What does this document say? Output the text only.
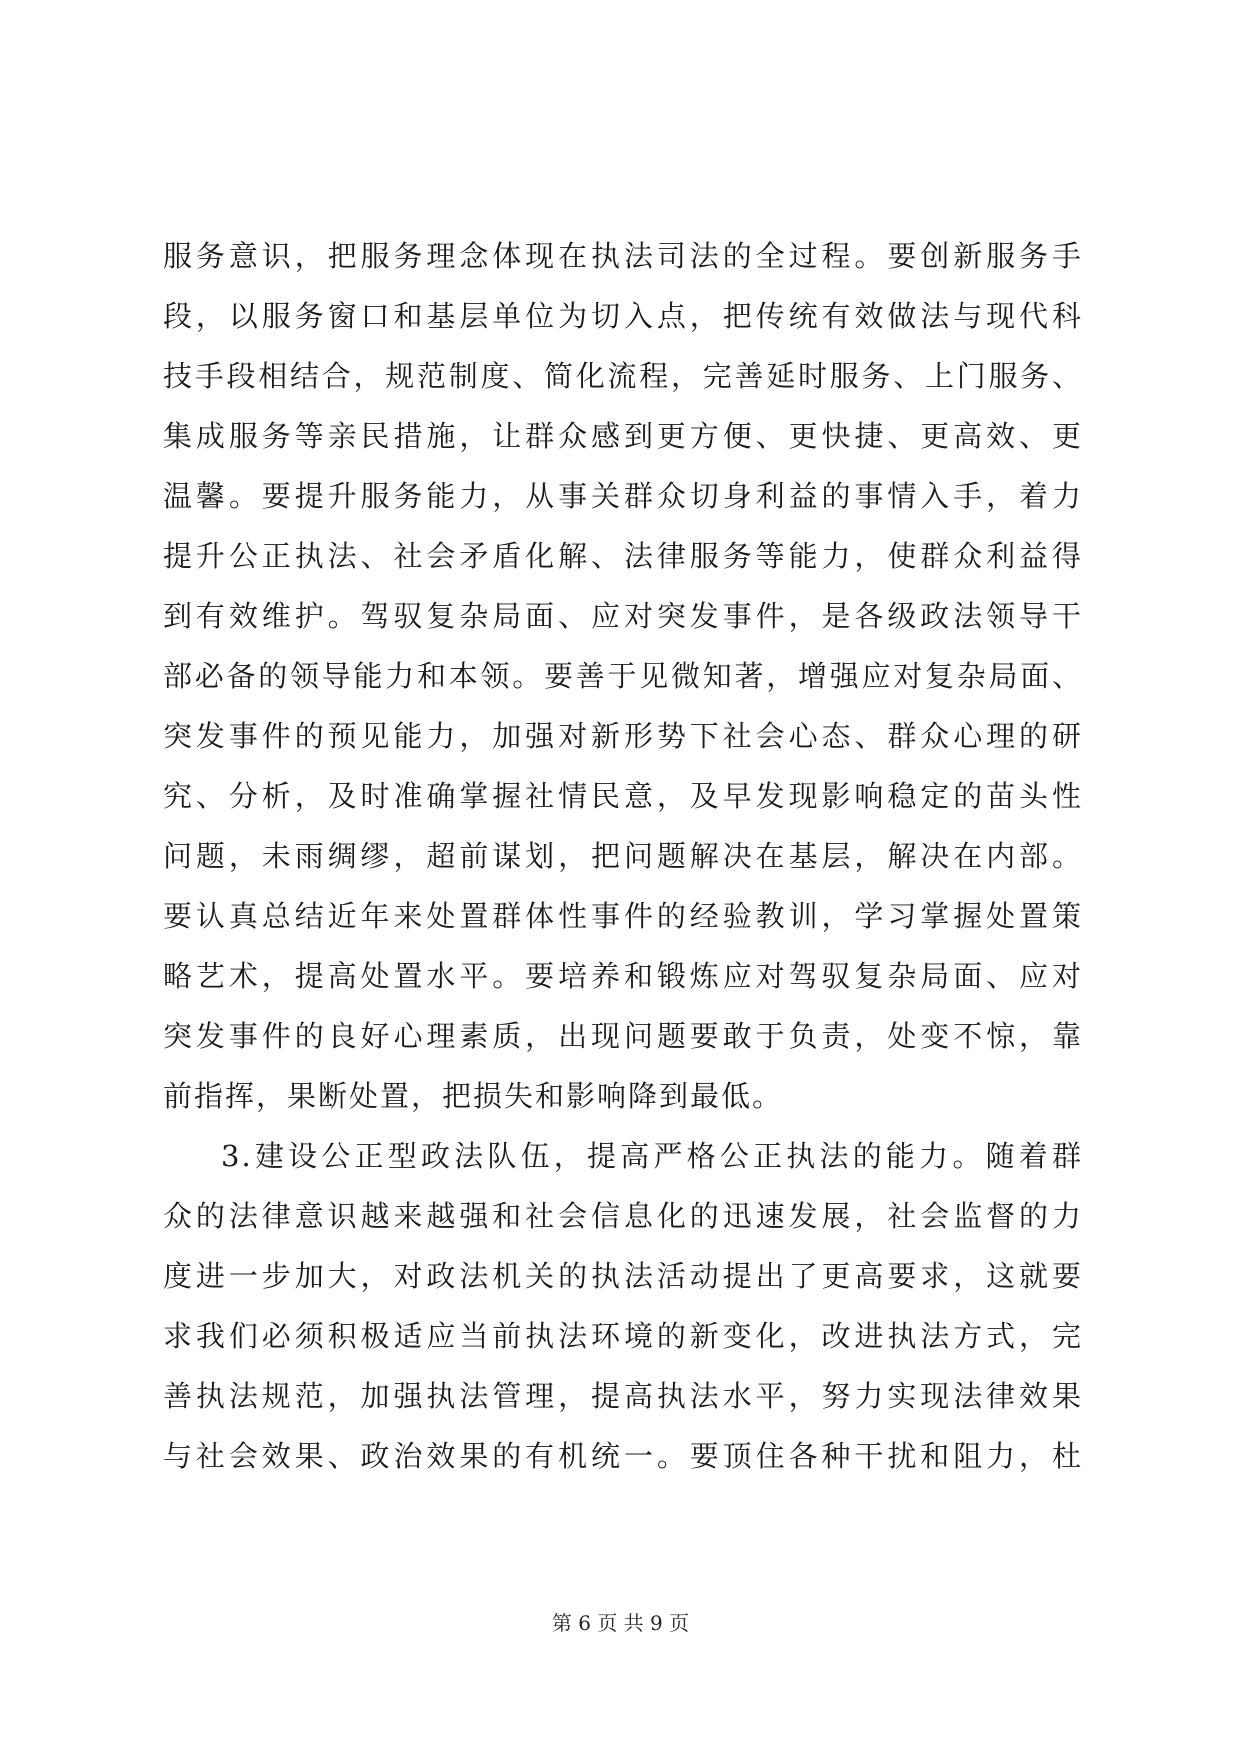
服务意识，把服务理念体现在执法司法的全过程。要创新服务手
段，以服务窗口和基层单位为切入点，把传统有效做法与现代科
技手段相结合，规范制度、简化流程，完善延时服务、上门服务、
集成服务等亲民措施，让群众感到更方便、更快捷、更高效、更
温馨。要提升服务能力，从事关群众切身利益的事情入手，着力
提升公正执法、社会矛盾化解、法律服务等能力，使群众利益得
到有效维护。驾驭复杂局面、应对突发事件，是各级政法领导干
部必备的领导能力和本领。要善于见微知著，增强应对复杂局面、
突发事件的预见能力，加强对新形势下社会心态、群众心理的研
究、分析，及时准确掌握社情民意，及早发现影响稳定的苗头性
问题，未雨绸缪，超前谋划，把问题解决在基层，解决在内部。
要认真总结近年来处置群体性事件的经验教训，学习掌握处置策
略艺术，提高处置水平。要培养和锻炼应对驾驭复杂局面、应对
突发事件的良好心理素质，出现问题要敢于负责，处变不惊，靠
前指挥，果断处置，把损失和影响降到最低。
3.建设公正型政法队伍，提高严格公正执法的能力。随着群
众的法律意识越来越强和社会信息化的迅速发展，社会监督的力
度进一步加大，对政法机关的执法活动提出了更高要求，这就要
求我们必须积极适应当前执法环境的新变化，改进执法方式，完
善执法规范，加强执法管理，提高执法水平，努力实现法律效果
与社会效果、政治效果的有机统一。要顶住各种干扰和阻力，杜
第 6 页 共 9 页
